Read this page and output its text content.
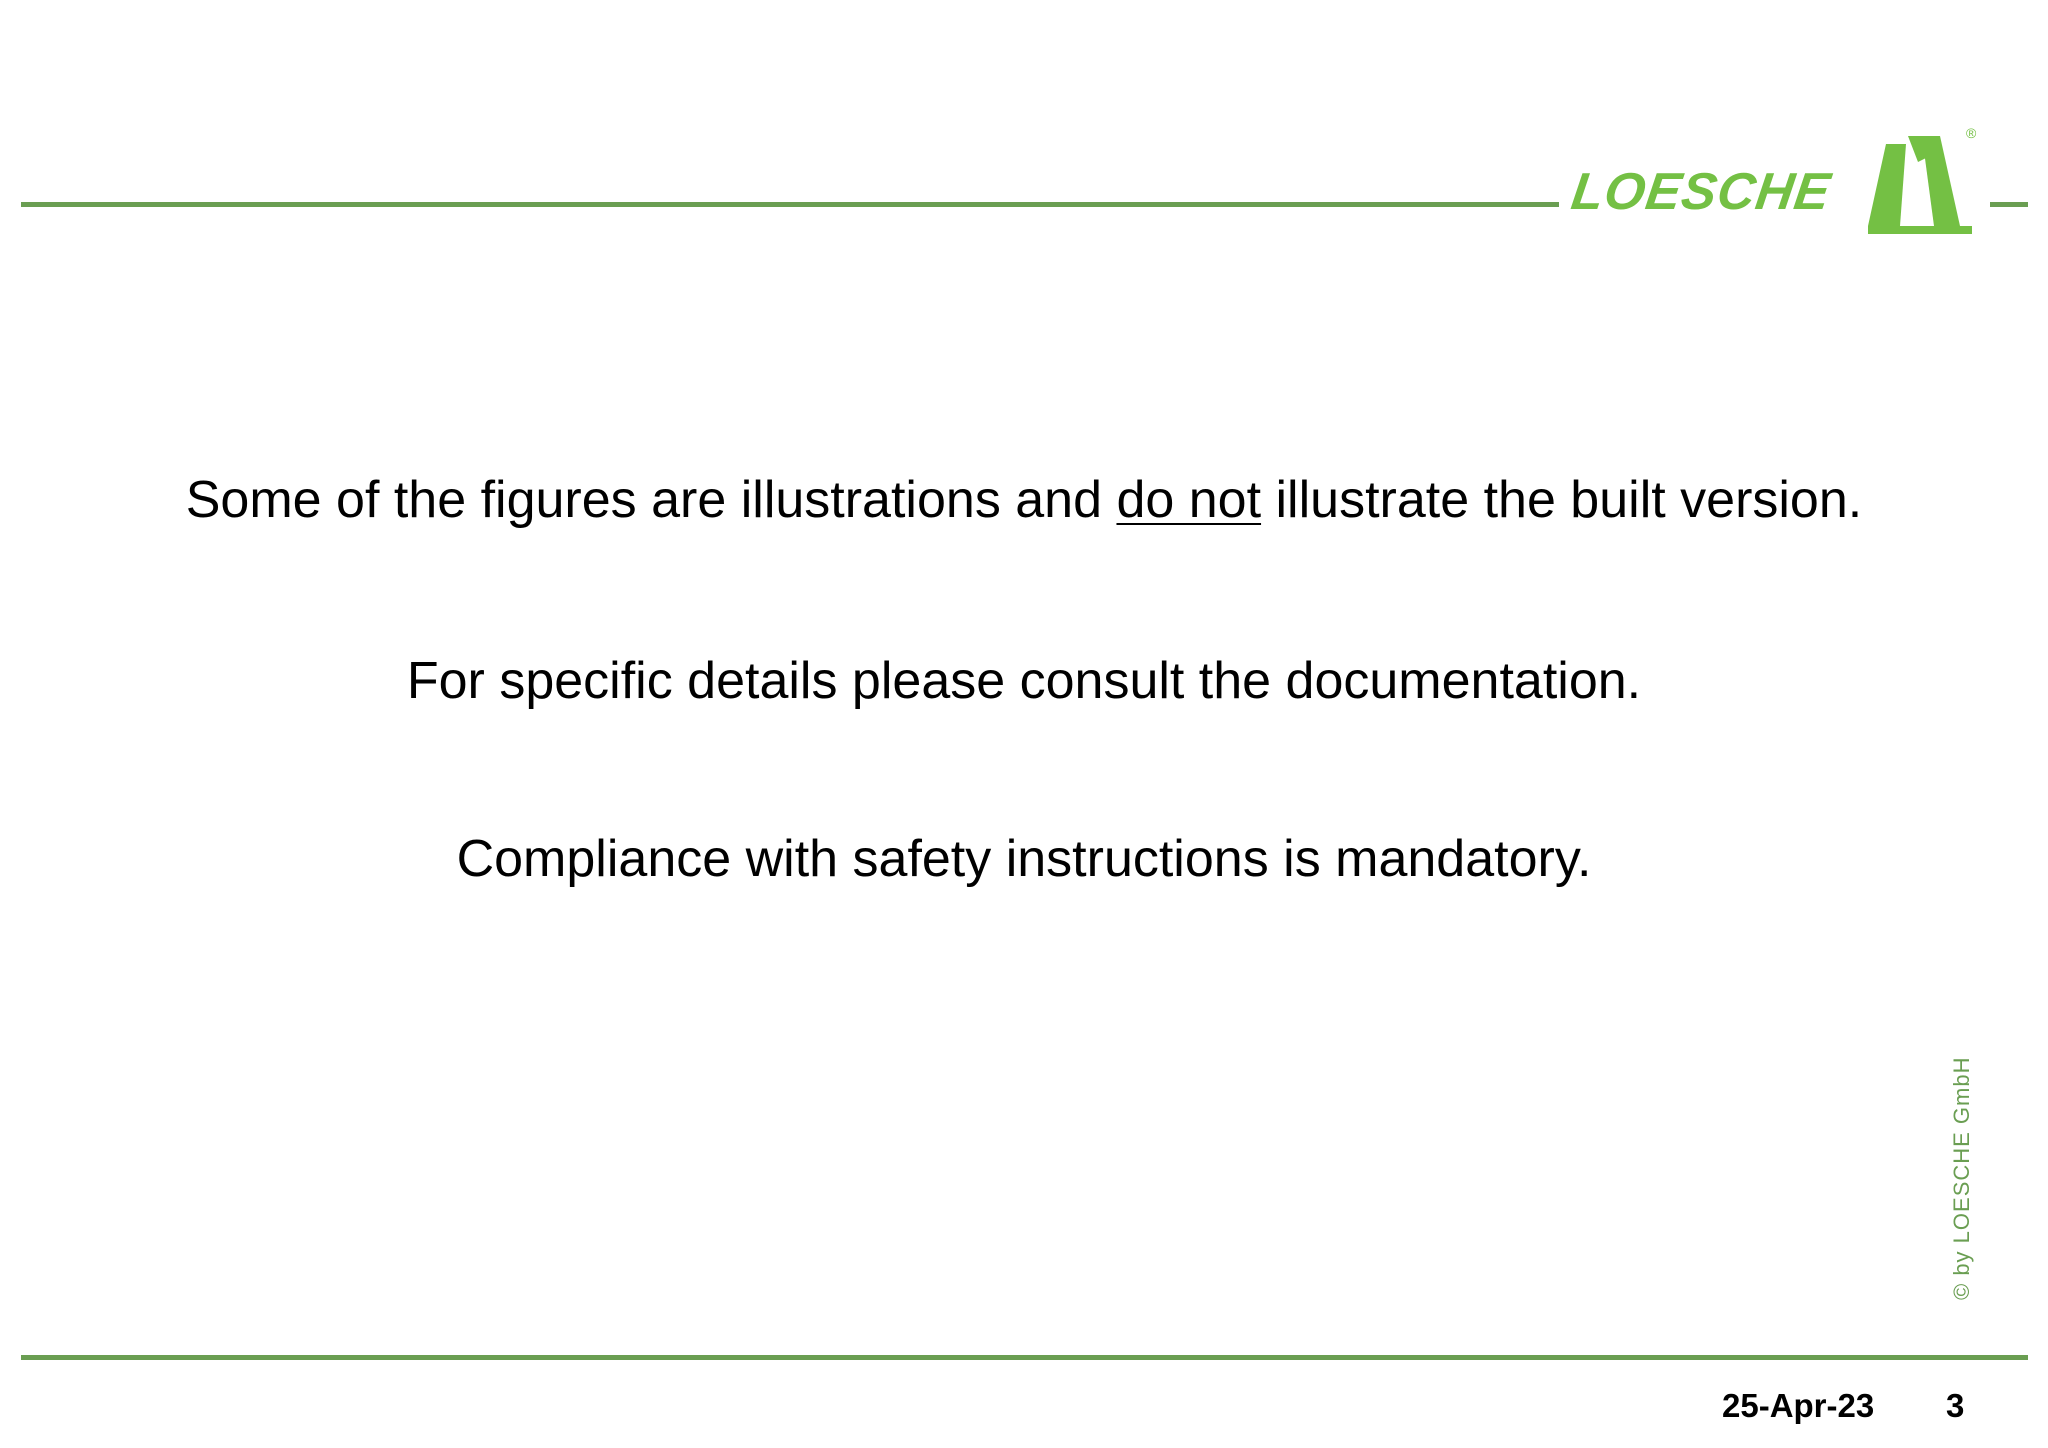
LOESCHE
®
Some of the figures are illustrations and do not illustrate the built version.
For specific details please consult the documentation.
Compliance with safety instructions is mandatory.
© by LOESCHE GmbH
25-Apr-23 3
